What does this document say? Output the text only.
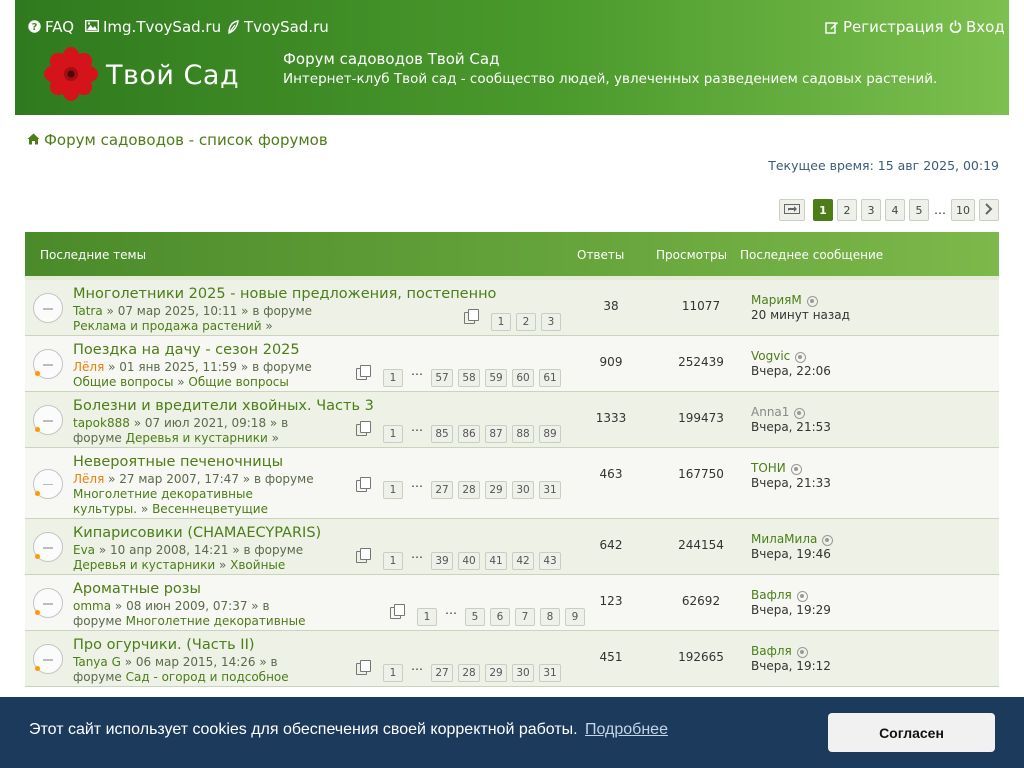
? FAQ Img.TvoySad.ru TvoySad.ru	Регистрация Вход
Твой Сад
Форум садоводов Твой Сад
Интернет-клуб Твой сад - сообщество людей, увлеченных разведением садовых растений.
Форум садоводов - список форумов
Текущее время: 15 авг 2025, 00:19
1	2	3	4	5 … 10
Последние темы	Ответы	Просмотры Последнее сообщение
Многолетники 2025 - новые предложения, постепенно
Tatra » 07 мар 2025, 10:11 » в форуме Реклама и продажа растений »	1	2	3
38	11077	МарияМ
20 минут назад
Поездка на дачу - сезон 2025
Лёля » 01 янв 2025, 11:59 » в форуме Общие вопросы » Общие вопросы	1	…	57	58	59	60	61
909	252439	Vogvic
Вчера, 22:06
Болезни и вредители хвойных. Часть 3
tapok888 » 07 июл 2021, 09:18 » в форуме Деревья и кустарники »	1	…	85	86	87	88	89
1333	199473	Anna1
Вчера, 21:53
Невероятные печеночницы
Лёля » 27 мар 2007, 17:47 » в форуме Многолетние декоративные культуры. » Весеннецветущие
1	…	27	28	29	30	31
463	167750	ТОНИ
Вчера, 21:33
Кипарисовики (CHAMAECYPARIS)
Eva » 10 апр 2008, 14:21 » в форуме Деревья и кустарники » Хвойные	1	…	39	40	41	42	43
642	244154	МилаМила
Вчера, 19:46
Ароматные розы
omma » 08 июн 2009, 07:37 » в форуме Многолетние декоративные	1	…	5	6	7	8	9
123	62692	Вафля
Вчера, 19:29
Про огурчики. (Часть II)
Tanya G » 06 мар 2015, 14:26 » в форуме Сад - огород и подсобное	1	…	27	28	29	30	31
451	192665	Вафля
Вчера, 19:12
Этот сайт использует cookies для обеспечения своей корректной работы. Подробнее	Согласен
